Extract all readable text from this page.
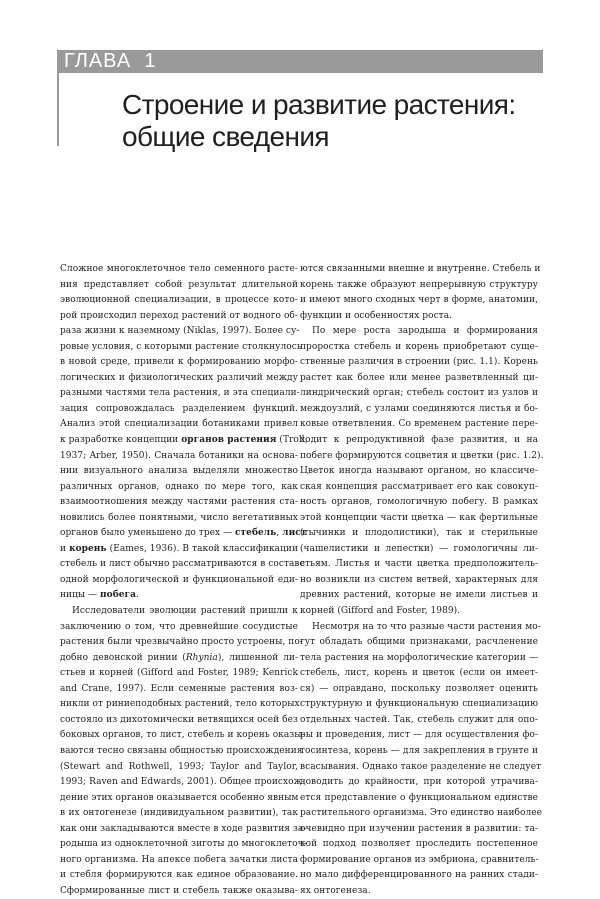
ГЛАВА 1
Строение и развитие растения:
общие сведения
Сложное многоклеточное тело семенного расте-
ния представляет собой результат длительной
эволюционной специализации, в процессе кото-
рой происходил переход растений от водного об-
раза жизни к наземному (Niklas, 1997). Более су-
ровые условия, с которыми растение столкнулось
в новой среде, привели к формированию морфо-
логических и физиологических различий между
разными частями тела растения, и эта специали-
зация сопровождалась разделением функций.
Анализ этой специализации ботаниками привел
к разработке концепции органов растения (Troll,
1937; Arber, 1950). Сначала ботаники на основа-
нии визуального анализа выделяли множество
различных органов, однако по мере того, как
взаимоотношения между частями растения ста-
новились более понятными, число вегетативных
органов было уменьшено до трех — стебель, лист
и корень (Eames, 1936). В такой классификации
стебель и лист обычно рассматриваются в составе
одной морфологической и функциональной еди-
ницы — побега.
Исследователи эволюции растений пришли к
заключению о том, что древнейшие сосудистые
растения были чрезвычайно просто устроены, по-
добно девонской ринии (Rhynia), лишенной ли-
стьев и корней (Gifford and Foster, 1989; Kenrick
and Crane, 1997). Если семенные растения воз-
никли от риниеподобных растений, тело которых
состояло из дихотомически ветвящихся осей без
боковых органов, то лист, стебель и корень оказы-
ваются тесно связаны общностью происхождения
(Stewart and Rothwell, 1993; Taylor and Taylor,
1993; Raven and Edwards, 2001). Общее происхож-
дение этих органов оказывается особенно явным
в их онтогенезе (индивидуальном развитии), так
как они закладываются вместе в ходе развития за-
родыша из одноклеточной зиготы до многоклеточ-
ного организма. На апексе побега зачатки листа
и стебля формируются как единое образование.
Сформированные лист и стебель также оказыва-
ются связанными внешне и внутренне. Стебель и
корень также образуют непрерывную структуру
и имеют много сходных черт в форме, анатомии,
функции и особенностях роста.
По мере роста зародыша и формирования
проростка стебель и корень приобретают суще-
ственные различия в строении (рис. 1.1). Корень
растет как более или менее разветвленный ци-
линдрический орган; стебель состоит из узлов и
междоузлий, с узлами соединяются листья и бо-
ковые ответвления. Со временем растение пере-
ходит к репродуктивной фазе развития, и на
побеге формируются соцветия и цветки (рис. 1.2).
Цветок иногда называют органом, но классиче-
ская концепция рассматривает его как совокуп-
ность органов, гомологичную побегу. В рамках
этой концепции части цветка — как фертильные
(тычинки и плодолистики), так и стерильные
(чашелистики и лепестки) — гомологичны ли-
стьям. Листья и части цветка предположитель-
но возникли из систем ветвей, характерных для
древних растений, которые не имели листьев и
корней (Gifford and Foster, 1989).
Несмотря на то что разные части растения мо-
гут обладать общими признаками, расчленение
тела растения на морфологические категории —
стебель, лист, корень и цветок (если он имеет-
ся) — оправдано, поскольку позволяет оценить
структурную и функциональную специализацию
отдельных частей. Так, стебель служит для опо-
ры и проведения, лист — для осуществления фо-
тосинтеза, корень — для закрепления в грунте и
всасывания. Однако такое разделение не следует
доводить до крайности, при которой утрачива-
ется представление о функциональном единстве
растительного организма. Это единство наиболее
очевидно при изучении растения в развитии: та-
кой подход позволяет проследить постепенное
формирование органов из эмбриона, сравнитель-
но мало дифференцированного на ранних стади-
ях онтогенеза.
